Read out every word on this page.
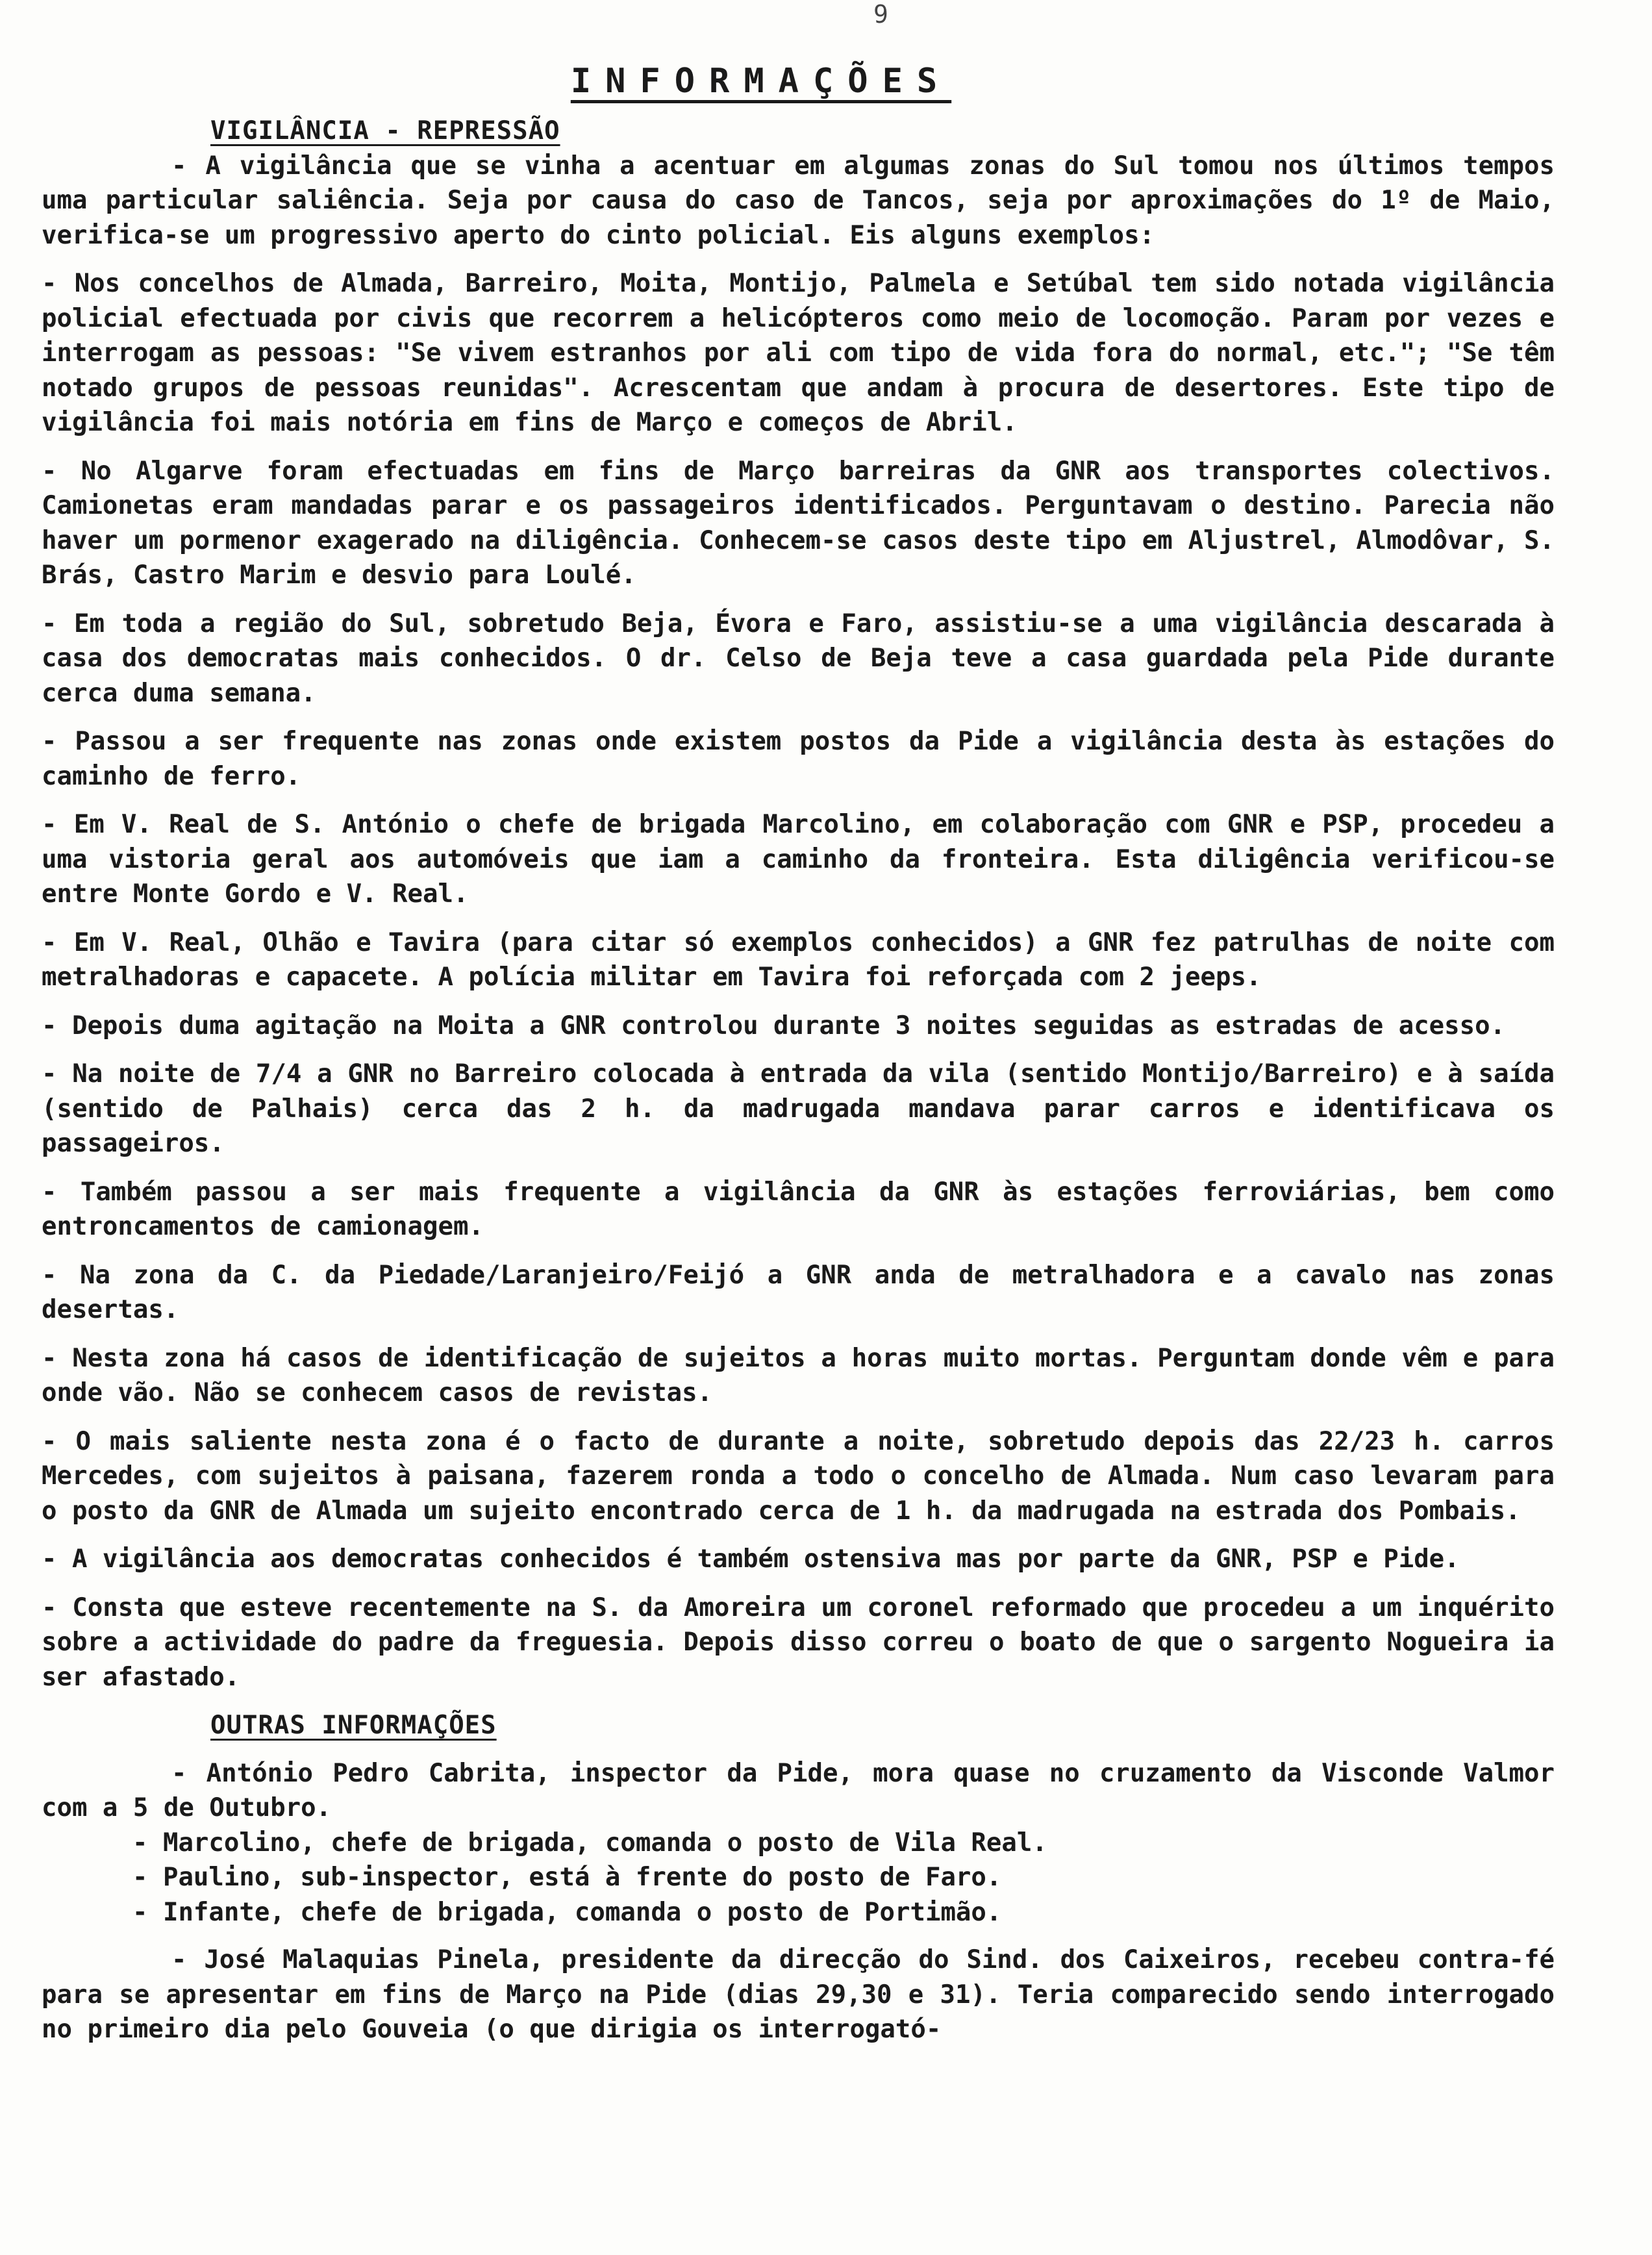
9
INFORMAÇÕES
VIGILÂNCIA - REPRESSÃO
- A vigilância que se vinha a acentuar em algumas zonas do Sul tomou nos últimos tempos uma particular saliência. Seja por causa do caso de Tancos, seja por aproximações do 1º de Maio, verifica-se um progressivo aperto do cinto policial. Eis alguns exemplos:
- Nos concelhos de Almada, Barreiro, Moita, Montijo, Palmela e Setúbal tem sido notada vigilância policial efectuada por civis que recorrem a helicópteros como meio de locomoção. Param por vezes e interrogam as pessoas: "Se vivem estranhos por ali com tipo de vida fora do normal, etc."; "Se têm notado grupos de pessoas reunidas". Acrescentam que andam à procura de desertores. Este tipo de vigilância foi mais notória em fins de Março e começos de Abril.
- No Algarve foram efectuadas em fins de Março barreiras da GNR aos transportes colectivos. Camionetas eram mandadas parar e os passageiros identificados. Perguntavam o destino. Parecia não haver um pormenor exagerado na diligência. Conhecem-se casos deste tipo em Aljustrel, Almodôvar, S. Brás, Castro Marim e desvio para Loulé.
- Em toda a região do Sul, sobretudo Beja, Évora e Faro, assistiu-se a uma vigilância descarada à casa dos democratas mais conhecidos. O dr. Celso de Beja teve a casa guardada pela Pide durante cerca duma semana.
- Passou a ser frequente nas zonas onde existem postos da Pide a vigilância desta às estações do caminho de ferro.
- Em V. Real de S. António o chefe de brigada Marcolino, em colaboração com GNR e PSP, procedeu a uma vistoria geral aos automóveis que iam a caminho da fronteira. Esta diligência verificou-se entre Monte Gordo e V. Real.
- Em V. Real, Olhão e Tavira (para citar só exemplos conhecidos) a GNR fez patrulhas de noite com metralhadoras e capacete. A polícia militar em Tavira foi reforçada com 2 jeeps.
- Depois duma agitação na Moita a GNR controlou durante 3 noites seguidas as estradas de acesso.
- Na noite de 7/4 a GNR no Barreiro colocada à entrada da vila (sentido Montijo/Barreiro) e à saída (sentido de Palhais) cerca das 2 h. da madrugada mandava parar carros e identificava os passageiros.
- Também passou a ser mais frequente a vigilância da GNR às estações ferroviárias, bem como entroncamentos de camionagem.
- Na zona da C. da Piedade/Laranjeiro/Feijó a GNR anda de metralhadora e a cavalo nas zonas desertas.
- Nesta zona há casos de identificação de sujeitos a horas muito mortas. Perguntam donde vêm e para onde vão. Não se conhecem casos de revistas.
- O mais saliente nesta zona é o facto de durante a noite, sobretudo depois das 22/23 h. carros Mercedes, com sujeitos à paisana, fazerem ronda a todo o concelho de Almada. Num caso levaram para o posto da GNR de Almada um sujeito encontrado cerca de 1 h. da madrugada na estrada dos Pombais.
- A vigilância aos democratas conhecidos é também ostensiva mas por parte da GNR, PSP e Pide.
- Consta que esteve recentemente na S. da Amoreira um coronel reformado que procedeu a um inquérito sobre a actividade do padre da freguesia. Depois disso correu o boato de que o sargento Nogueira ia ser afastado.
OUTRAS INFORMAÇÕES
- António Pedro Cabrita, inspector da Pide, mora quase no cruzamento da Visconde Valmor com a 5 de Outubro.
- Marcolino, chefe de brigada, comanda o posto de Vila Real.
- Paulino, sub-inspector, está à frente do posto de Faro.
- Infante, chefe de brigada, comanda o posto de Portimão.
- José Malaquias Pinela, presidente da direcção do Sind. dos Caixeiros, recebeu contra-fé para se apresentar em fins de Março na Pide (dias 29,30 e 31). Teria comparecido sendo interrogado no primeiro dia pelo Gouveia (o que dirigia os interrogató-
